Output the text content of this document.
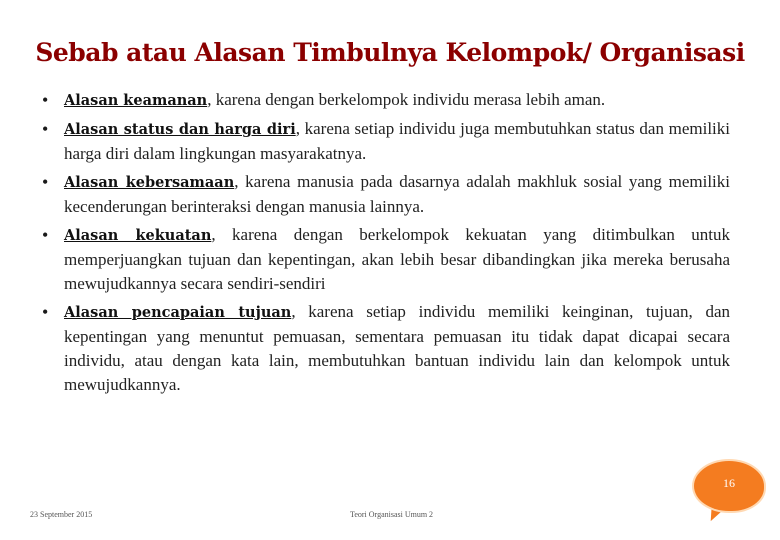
Sebab atau Alasan Timbulnya Kelompok/ Organisasi
• Alasan keamanan, karena dengan berkelompok individu merasa lebih aman.
• Alasan status dan harga diri, karena setiap individu juga membutuhkan status dan memiliki harga diri dalam lingkungan masyarakatnya.
• Alasan kebersamaan, karena manusia pada dasarnya adalah makhluk sosial yang memiliki kecenderungan berinteraksi dengan manusia lainnya.
• Alasan kekuatan, karena dengan berkelompok kekuatan yang ditimbulkan untuk memperjuangkan tujuan dan kepentingan, akan lebih besar dibandingkan jika mereka berusaha mewujudkannya secara sendiri-sendiri
• Alasan pencapaian tujuan, karena setiap individu memiliki keinginan, tujuan, dan kepentingan yang menuntut pemuasan, sementara pemuasan itu tidak dapat dicapai secara individu, atau dengan kata lain, membutuhkan bantuan individu lain dan kelompok untuk mewujudkannya.
16
23 September 2015	Teori Organisasi Umum 2
